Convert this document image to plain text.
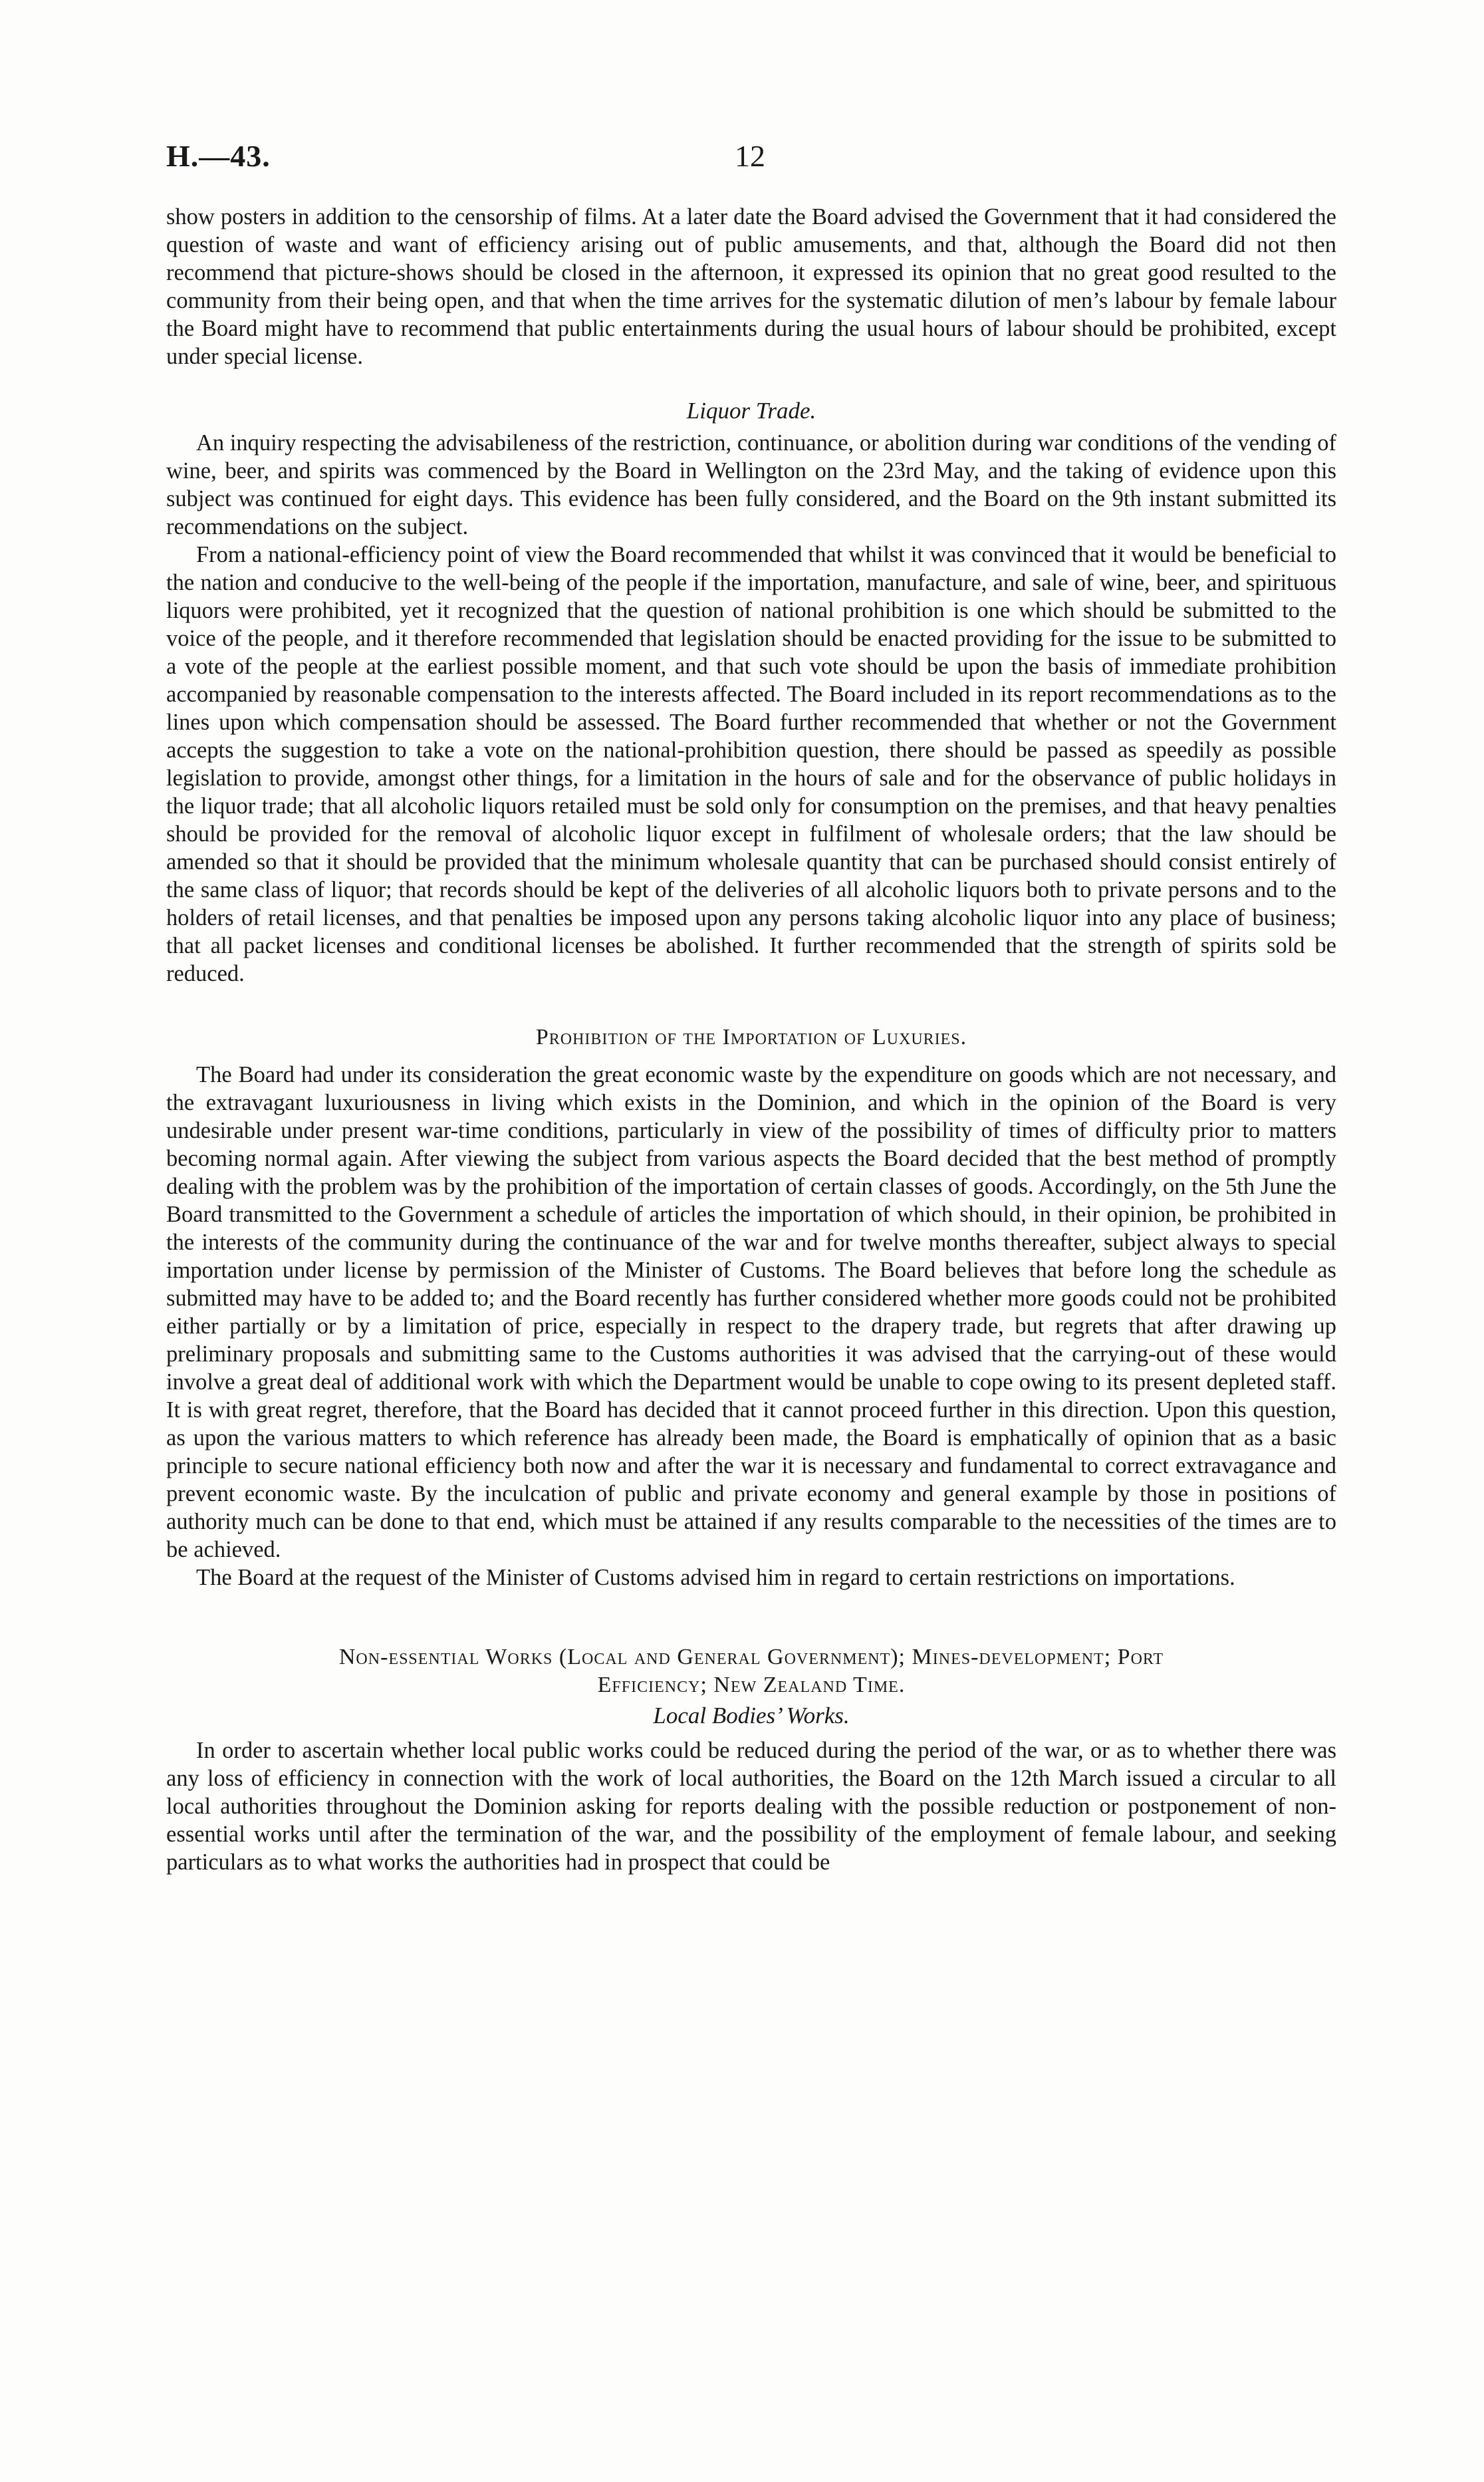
H.—43.	12

show posters in addition to the censorship of films. At a later date the Board advised the Government that it had considered the question of waste and want of efficiency arising out of public amusements, and that, although the Board did not then recommend that picture-shows should be closed in the afternoon, it expressed its opinion that no great good resulted to the community from their being open, and that when the time arrives for the systematic dilution of men’s labour by female labour the Board might have to recommend that public entertainments during the usual hours of labour should be prohibited, except under special license.

Liquor Trade.

An inquiry respecting the advisabileness of the restriction, continuance, or abolition during war conditions of the vending of wine, beer, and spirits was commenced by the Board in Wellington on the 23rd May, and the taking of evidence upon this subject was continued for eight days. This evidence has been fully considered, and the Board on the 9th instant submitted its recommendations on the subject.

From a national-efficiency point of view the Board recommended that whilst it was convinced that it would be beneficial to the nation and conducive to the well-being of the people if the importation, manufacture, and sale of wine, beer, and spirituous liquors were prohibited, yet it recognized that the question of national prohibition is one which should be submitted to the voice of the people, and it therefore recommended that legislation should be enacted providing for the issue to be submitted to a vote of the people at the earliest possible moment, and that such vote should be upon the basis of immediate prohibition accompanied by reasonable compensation to the interests affected. The Board included in its report recommendations as to the lines upon which compensation should be assessed. The Board further recommended that whether or not the Government accepts the suggestion to take a vote on the national-prohibition question, there should be passed as speedily as possible legislation to provide, amongst other things, for a limitation in the hours of sale and for the observance of public holidays in the liquor trade; that all alcoholic liquors retailed must be sold only for consumption on the premises, and that heavy penalties should be provided for the removal of alcoholic liquor except in fulfilment of wholesale orders; that the law should be amended so that it should be provided that the minimum wholesale quantity that can be purchased should consist entirely of the same class of liquor; that records should be kept of the deliveries of all alcoholic liquors both to private persons and to the holders of retail licenses, and that penalties be imposed upon any persons taking alcoholic liquor into any place of business; that all packet licenses and conditional licenses be abolished. It further recommended that the strength of spirits sold be reduced.

Prohibition of the Importation of Luxuries.

The Board had under its consideration the great economic waste by the expenditure on goods which are not necessary, and the extravagant luxuriousness in living which exists in the Dominion, and which in the opinion of the Board is very undesirable under present war-time conditions, particularly in view of the possibility of times of difficulty prior to matters becoming normal again. After viewing the subject from various aspects the Board decided that the best method of promptly dealing with the problem was by the prohibition of the importation of certain classes of goods. Accordingly, on the 5th June the Board transmitted to the Government a schedule of articles the importation of which should, in their opinion, be prohibited in the interests of the community during the continuance of the war and for twelve months thereafter, subject always to special importation under license by permission of the Minister of Customs. The Board believes that before long the schedule as submitted may have to be added to; and the Board recently has further considered whether more goods could not be prohibited either partially or by a limitation of price, especially in respect to the drapery trade, but regrets that after drawing up preliminary proposals and submitting same to the Customs authorities it was advised that the carrying-out of these would involve a great deal of additional work with which the Department would be unable to cope owing to its present depleted staff. It is with great regret, therefore, that the Board has decided that it cannot proceed further in this direction. Upon this question, as upon the various matters to which reference has already been made, the Board is emphatically of opinion that as a basic principle to secure national efficiency both now and after the war it is necessary and fundamental to correct extravagance and prevent economic waste. By the inculcation of public and private economy and general example by those in positions of authority much can be done to that end, which must be attained if any results comparable to the necessities of the times are to be achieved.

The Board at the request of the Minister of Customs advised him in regard to certain restrictions on importations.

Non-essential Works (Local and General Government); Mines-development; Port
Efficiency; New Zealand Time.
Local Bodies’ Works.

In order to ascertain whether local public works could be reduced during the period of the war, or as to whether there was any loss of efficiency in connection with the work of local authorities, the Board on the 12th March issued a circular to all local authorities throughout the Dominion asking for reports dealing with the possible reduction or postponement of non-essential works until after the termination of the war, and the possibility of the employment of female labour, and seeking particulars as to what works the authorities had in prospect that could be
